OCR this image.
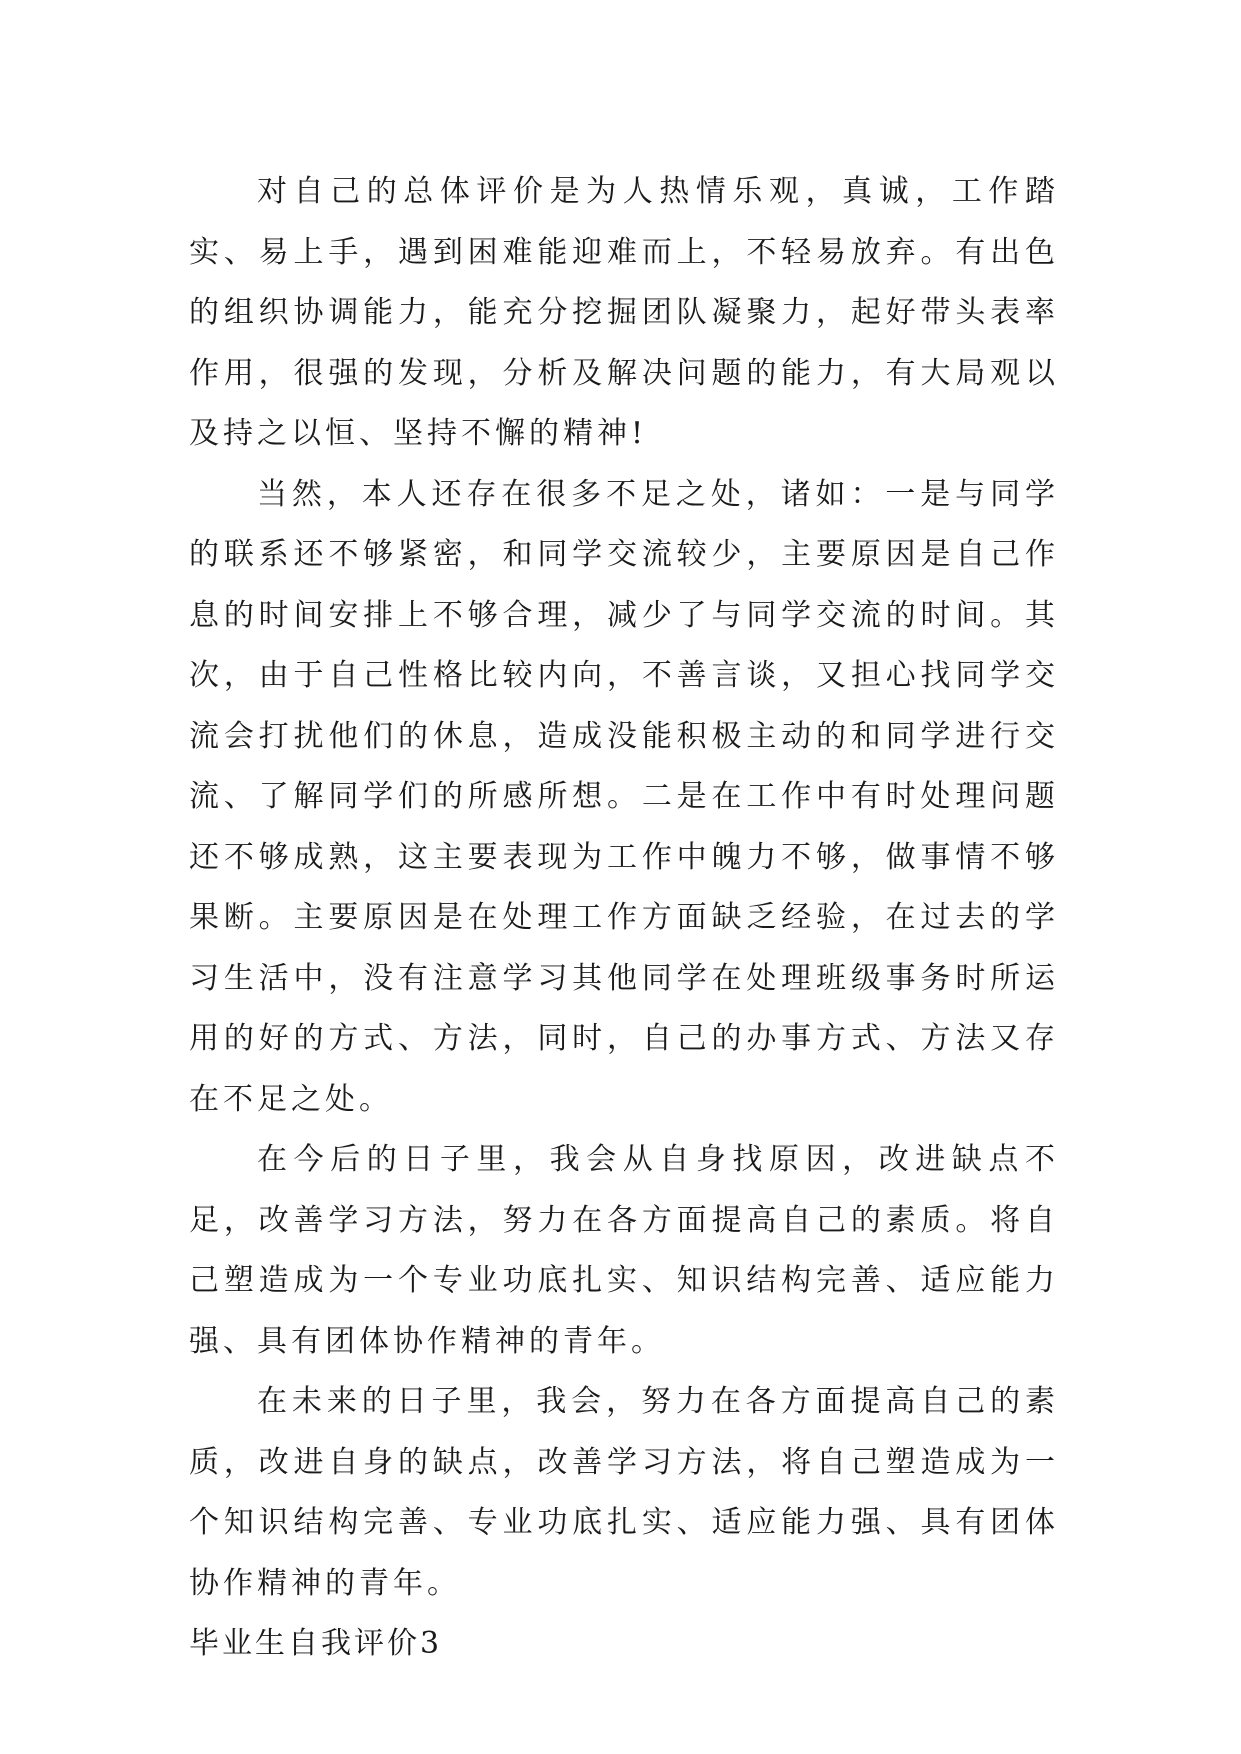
对自己的总体评价是为人热情乐观，真诚，工作踏实、易上手，遇到困难能迎难而上，不轻易放弃。有出色的组织协调能力，能充分挖掘团队凝聚力，起好带头表率作用，很强的发现，分析及解决问题的能力，有大局观以及持之以恒、坚持不懈的精神!

当然，本人还存在很多不足之处，诸如：一是与同学的联系还不够紧密，和同学交流较少，主要原因是自己作息的时间安排上不够合理，减少了与同学交流的时间。其次，由于自己性格比较内向，不善言谈，又担心找同学交流会打扰他们的休息，造成没能积极主动的和同学进行交流、了解同学们的所感所想。二是在工作中有时处理问题还不够成熟，这主要表现为工作中魄力不够，做事情不够果断。主要原因是在处理工作方面缺乏经验，在过去的学习生活中，没有注意学习其他同学在处理班级事务时所运用的好的方式、方法，同时，自己的办事方式、方法又存在不足之处。

在今后的日子里，我会从自身找原因，改进缺点不足，改善学习方法，努力在各方面提高自己的素质。将自己塑造成为一个专业功底扎实、知识结构完善、适应能力强、具有团体协作精神的青年。

在未来的日子里，我会，努力在各方面提高自己的素质，改进自身的缺点，改善学习方法，将自己塑造成为一个知识结构完善、专业功底扎实、适应能力强、具有团体协作精神的青年。

毕业生自我评价3
